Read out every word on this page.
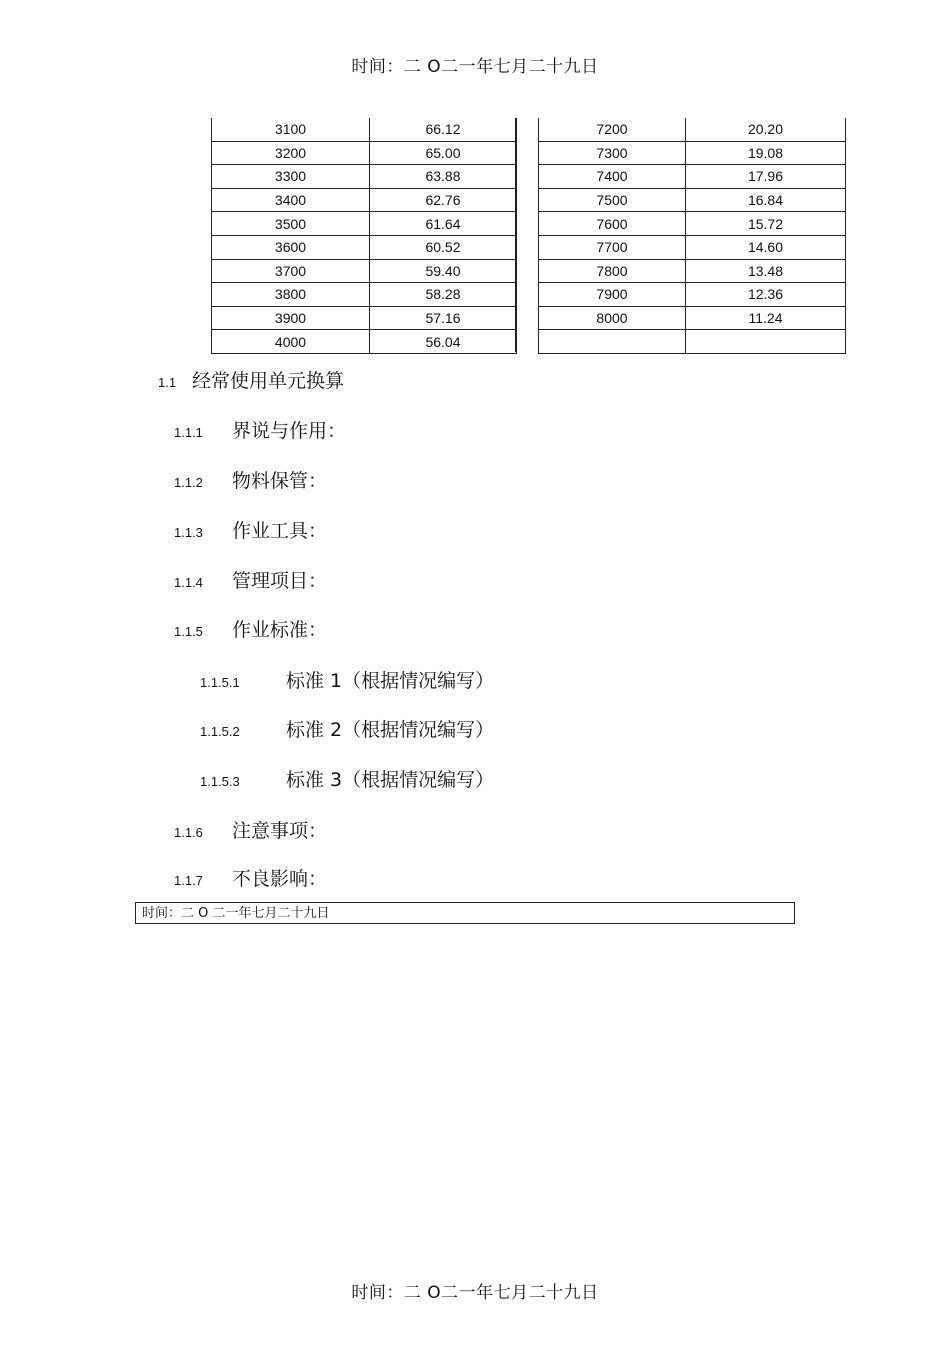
时间：二 O二一年七月二十九日
3100	66.12
3200	65.00
3300	63.88
3400	62.76
3500	61.64
3600	60.52
3700	59.40
3800	58.28
3900	57.16
4000	56.04
7200	20.20
7300	19.08
7400	17.96
7500	16.84
7600	15.72
7700	14.60
7800	13.48
7900	12.36
8000	11.24

1.1 经常使用单元换算
1.1.1 界说与作用：
1.1.2 物料保管：
1.1.3 作业工具：
1.1.4 管理项目：
1.1.5 作业标准：
1.1.5.1 标准 1（根据情况编写）
1.1.5.2 标准 2（根据情况编写）
1.1.5.3 标准 3（根据情况编写）
1.1.6 注意事项：
1.1.7 不良影响：
时间：二 O 二一年七月二十九日
时间：二 O二一年七月二十九日
